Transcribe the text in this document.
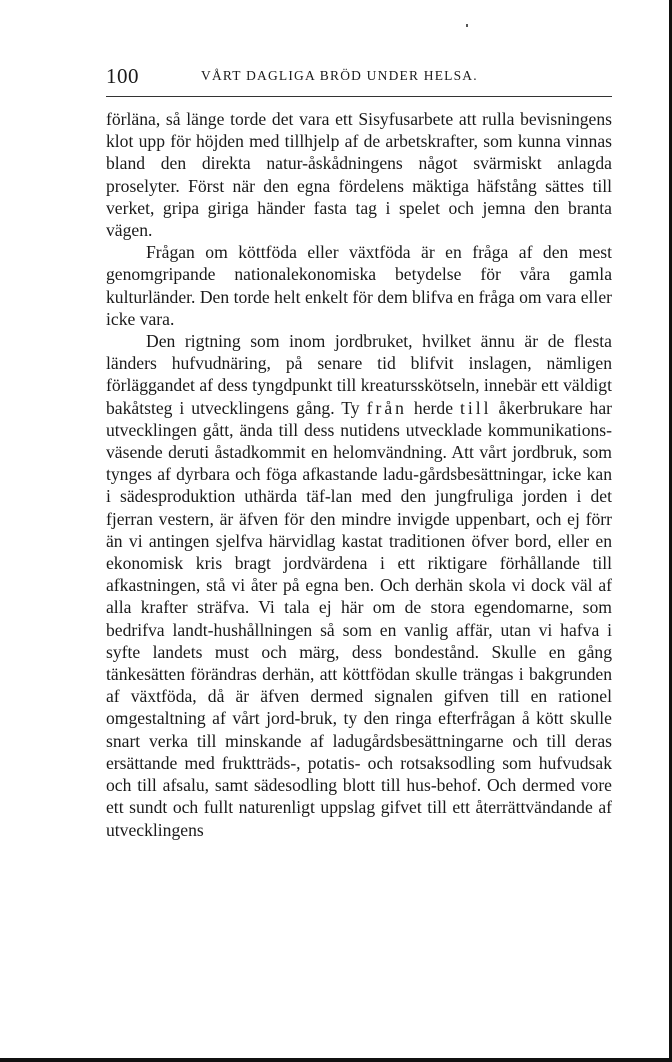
100	VÅRT DAGLIGA BRÖD UNDER HELSA.

förläna, så länge torde det vara ett Sisyfusarbete att rulla bevisningens klot upp för höjden med tillhjelp af de arbetskrafter, som kunna vinnas bland den direkta natur-åskådningens något svärmiskt anlagda proselyter. Först när den egna fördelens mäktiga häfstång sättes till verket, gripa giriga händer fasta tag i spelet och jemna den branta vägen.

Frågan om köttföda eller växtföda är en fråga af den mest genomgripande nationalekonomiska betydelse för våra gamla kulturländer. Den torde helt enkelt för dem blifva en fråga om vara eller icke vara.

Den rigtning som inom jordbruket, hvilket ännu är de flesta länders hufvudnäring, på senare tid blifvit inslagen, nämligen förläggandet af dess tyngdpunkt till kreatursskötseln, innebär ett väldigt bakåtsteg i utvecklingens gång. Ty från herde till åkerbrukare har utvecklingen gått, ända till dess nutidens utvecklade kommunikations-väsende deruti åstadkommit en helomvändning. Att vårt jordbruk, som tynges af dyrbara och föga afkastande ladu-gårdsbesättningar, icke kan i sädesproduktion uthärda täf-lan med den jungfruliga jorden i det fjerran vestern, är äfven för den mindre invigde uppenbart, och ej förr än vi antingen sjelfva härvidlag kastat traditionen öfver bord, eller en ekonomisk kris bragt jordvärdena i ett riktigare förhållande till afkastningen, stå vi åter på egna ben. Och derhän skola vi dock väl af alla krafter sträfva. Vi tala ej här om de stora egendomarne, som bedrifva landt-hushållningen så som en vanlig affär, utan vi hafva i syfte landets must och märg, dess bondestånd. Skulle en gång tänkesätten förändras derhän, att köttfödan skulle trängas i bakgrunden af växtföda, då är äfven dermed signalen gifven till en rationel omgestaltning af vårt jord-bruk, ty den ringa efterfrågan å kött skulle snart verka till minskande af ladugårdsbesättningarne och till deras ersättande med fruktträds-, potatis- och rotsaksodling som hufvudsak och till afsalu, samt sädesodling blott till hus-behof. Och dermed vore ett sundt och fullt naturenligt uppslag gifvet till ett återrättvändande af utvecklingens
